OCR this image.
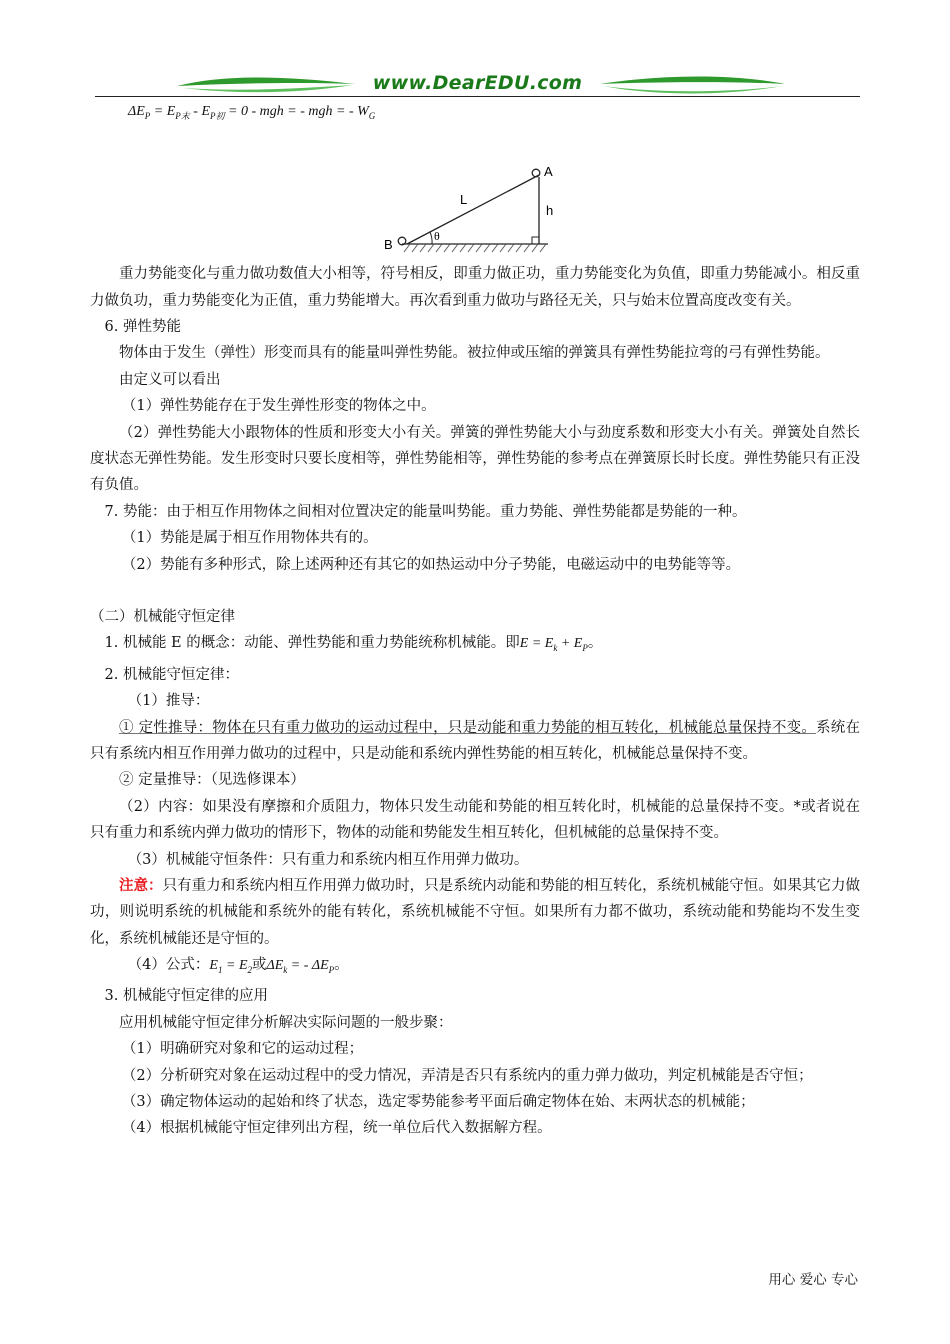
www.DearEDU.com
$\Delta E_P = E_{P末} - E_{P初} = 0$ - mgh = - mgh = - $W_G$
A
B
L
h
θ
重力势能变化与重力做功数值大小相等，符号相反，即重力做正功，重力势能变化为负值，即重力势能减小。相反重力做负功，重力势能变化为正值，重力势能增大。再次看到重力做功与路径无关，只与始末位置高度改变有关。
6. 弹性势能
物体由于发生（弹性）形变而具有的能量叫弹性势能。被拉伸或压缩的弹簧具有弹性势能拉弯的弓有弹性势能。
由定义可以看出
（1）弹性势能存在于发生弹性形变的物体之中。
（2）弹性势能大小跟物体的性质和形变大小有关。弹簧的弹性势能大小与劲度系数和形变大小有关。弹簧处自然长度状态无弹性势能。发生形变时只要长度相等，弹性势能相等，弹性势能的参考点在弹簧原长时长度。弹性势能只有正没有负值。
7. 势能：由于相互作用物体之间相对位置决定的能量叫势能。重力势能、弹性势能都是势能的一种。
（1）势能是属于相互作用物体共有的。
（2）势能有多种形式，除上述两种还有其它的如热运动中分子势能，电磁运动中的电势能等等。
（二）机械能守恒定律
1. 机械能 E 的概念：动能、弹性势能和重力势能统称机械能。即$E = E_k + E_P$。
2. 机械能守恒定律：
（1）推导：
① 定性推导：物体在只有重力做功的运动过程中，只是动能和重力势能的相互转化，机械能总量保持不变。系统在只有系统内相互作用弹力做功的过程中，只是动能和系统内弹性势能的相互转化，机械能总量保持不变。
② 定量推导：（见选修课本）
（2）内容：如果没有摩擦和介质阻力，物体只发生动能和势能的相互转化时，机械能的总量保持不变。*或者说在只有重力和系统内弹力做功的情形下，物体的动能和势能发生相互转化，但机械能的总量保持不变。
（3）机械能守恒条件：只有重力和系统内相互作用弹力做功。
注意：只有重力和系统内相互作用弹力做功时，只是系统内动能和势能的相互转化，系统机械能守恒。如果其它力做功，则说明系统的机械能和系统外的能有转化，系统机械能不守恒。如果所有力都不做功，系统动能和势能均不发生变化，系统机械能还是守恒的。
（4）公式：$E_1 = E_2$或$\Delta E_k$ = - $\Delta E_P$。
3. 机械能守恒定律的应用
应用机械能守恒定律分析解决实际问题的一般步聚：
（1）明确研究对象和它的运动过程；
（2）分析研究对象在运动过程中的受力情况，弄清是否只有系统内的重力弹力做功，判定机械能是否守恒；
（3）确定物体运动的起始和终了状态，选定零势能参考平面后确定物体在始、末两状态的机械能；
（4）根据机械能守恒定律列出方程，统一单位后代入数据解方程。
用心 爱心 专心
